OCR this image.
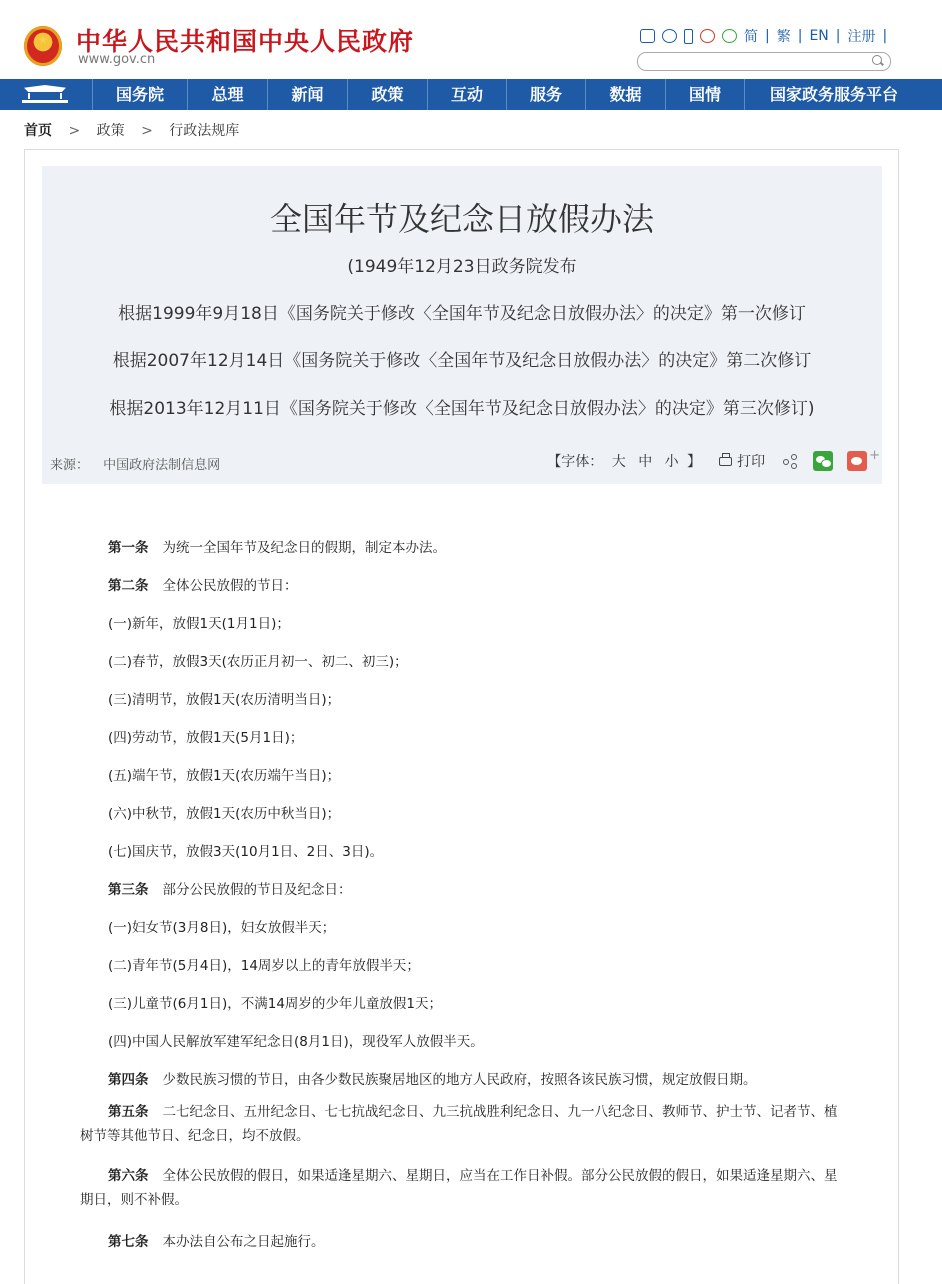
中华人民共和国中央人民政府
www.gov.cn
简 | 繁 | EN | 注册 |
国务院	总理	新闻	政策	互动	服务	数据	国情	国家政务服务平台
首页 > 政策 > 行政法规库
全国年节及纪念日放假办法
(1949年12月23日政务院发布
根据1999年9月18日《国务院关于修改〈全国年节及纪念日放假办法〉的决定》第一次修订
根据2007年12月14日《国务院关于修改〈全国年节及纪念日放假办法〉的决定》第二次修订
根据2013年12月11日《国务院关于修改〈全国年节及纪念日放假办法〉的决定》第三次修订)
来源： 中国政府法制信息网	【字体： 大 中 小 】	打印	+
第一条 为统一全国年节及纪念日的假期，制定本办法。
第二条 全体公民放假的节日：
(一)新年，放假1天(1月1日)；
(二)春节，放假3天(农历正月初一、初二、初三)；
(三)清明节，放假1天(农历清明当日)；
(四)劳动节，放假1天(5月1日)；
(五)端午节，放假1天(农历端午当日)；
(六)中秋节，放假1天(农历中秋当日)；
(七)国庆节，放假3天(10月1日、2日、3日)。
第三条 部分公民放假的节日及纪念日：
(一)妇女节(3月8日)，妇女放假半天；
(二)青年节(5月4日)，14周岁以上的青年放假半天；
(三)儿童节(6月1日)，不满14周岁的少年儿童放假1天；
(四)中国人民解放军建军纪念日(8月1日)，现役军人放假半天。
第四条 少数民族习惯的节日，由各少数民族聚居地区的地方人民政府，按照各该民族习惯，规定放假日期。
第五条 二七纪念日、五卅纪念日、七七抗战纪念日、九三抗战胜利纪念日、九一八纪念日、教师节、护士节、记者节、植树节等其他节日、纪念日，均不放假。
第六条 全体公民放假的假日，如果适逢星期六、星期日，应当在工作日补假。部分公民放假的假日，如果适逢星期六、星期日，则不补假。
第七条 本办法自公布之日起施行。
